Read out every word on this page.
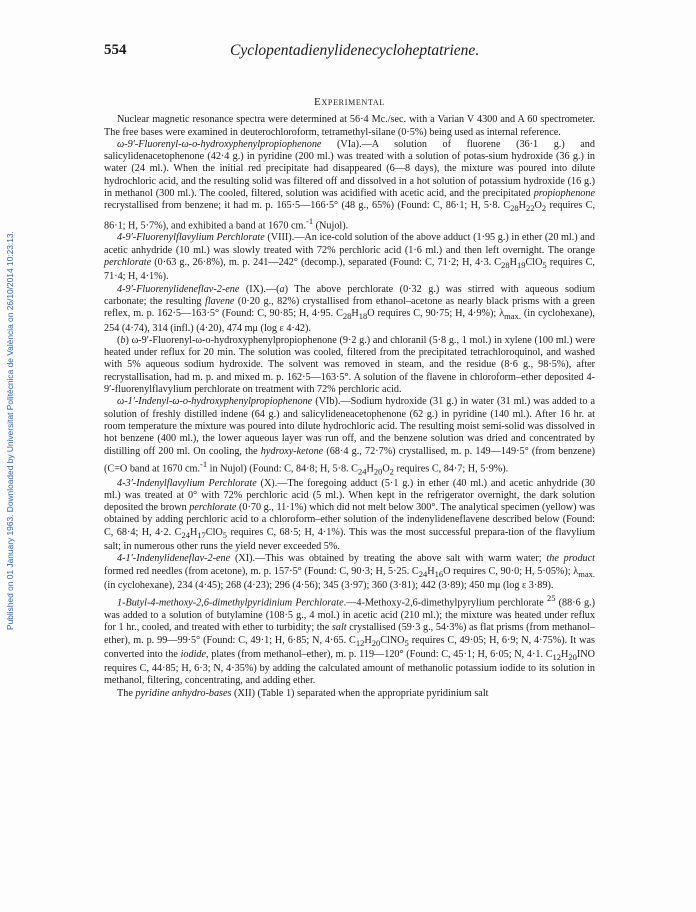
Published on 01 January 1963. Downloaded by Universitat Politècnica de València on 26/10/2014 10:23:13.
554	Cyclopentadienylidenecycloheptatriene.
Experimental

Nuclear magnetic resonance spectra were determined at 56·4 Mc./sec. with a Varian V 4300 and A 60 spectrometer. The free bases were examined in deuterochloroform, tetramethyl-silane (0·5%) being used as internal reference.

ω-9′-Fluorenyl-ω-o-hydroxyphenylpropiophenone (VIa).—A solution of fluorene (36·1 g.) and salicylidenacetophenone (42·4 g.) in pyridine (200 ml.) was treated with a solution of potas-sium hydroxide (36 g.) in water (24 ml.). When the initial red precipitate had disappeared (6—8 days), the mixture was poured into dilute hydrochloric acid, and the resulting solid was filtered off and dissolved in a hot solution of potassium hydroxide (16 g.) in methanol (300 ml.). The cooled, filtered, solution was acidified with acetic acid, and the precipitated propiophenone recrystallised from benzene; it had m. p. 165·5—166·5° (48 g., 65%) (Found: C, 86·1; H, 5·8. $C_{28}H_{22}O_2$ requires C, 86·1; H, 5·7%), and exhibited a band at 1670 cm.$^{-1}$ (Nujol).

4-9′-Fluorenylflavylium Perchlorate (VIII).—An ice-cold solution of the above adduct (1·95 g.) in ether (20 ml.) and acetic anhydride (10 ml.) was slowly treated with 72% perchloric acid (1·6 ml.) and then left overnight. The orange perchlorate (0·63 g., 26·8%), m. p. 241—242° (decomp.), separated (Found: C, 71·2; H, 4·3. $C_{28}H_{19}ClO_5$ requires C, 71·4; H, 4·1%).

4-9′-Fluorenylideneflav-2-ene (IX).—(a) The above perchlorate (0·32 g.) was stirred with aqueous sodium carbonate; the resulting flavene (0·20 g., 82%) crystallised from ethanol–acetone as nearly black prisms with a green reflex, m. p. 162·5—163·5° (Found: C, 90·85; H, 4·95. $C_{28}H_{18}O$ requires C, 90·75; H, 4·9%); $\lambda_{max.}$ (in cyclohexane), 254 (4·74), 314 (infl.) (4·20), 474 mμ (log ε 4·42).

(b) ω-9′-Fluorenyl-ω-o-hydroxyphenylpropiophenone (9·2 g.) and chloranil (5·8 g., 1 mol.) in xylene (100 ml.) were heated under reflux for 20 min. The solution was cooled, filtered from the precipitated tetrachloroquinol, and washed with 5% aqueous sodium hydroxide. The solvent was removed in steam, and the residue (8·6 g., 98·5%), after recrystallisation, had m. p. and mixed m. p. 162·5—163·5°. A solution of the flavene in chloroform–ether deposited 4-9′-fluorenylflavylium perchlorate on treatment with 72% perchloric acid.

ω-1′-Indenyl-ω-o-hydroxyphenylpropiophenone (VIb).—Sodium hydroxide (31 g.) in water (31 ml.) was added to a solution of freshly distilled indene (64 g.) and salicylideneacetophenone (62 g.) in pyridine (140 ml.). After 16 hr. at room temperature the mixture was poured into dilute hydrochloric acid. The resulting moist semi-solid was dissolved in hot benzene (400 ml.), the lower aqueous layer was run off, and the benzene solution was dried and concentrated by distilling off 200 ml. On cooling, the hydroxy-ketone (68·4 g., 72·7%) crystallised, m. p. 149—149·5° (from benzene) (C=O band at 1670 cm.$^{-1}$ in Nujol) (Found: C, 84·8; H, 5·8. $C_{24}H_{20}O_2$ requires C, 84·7; H, 5·9%).

4-3′-Indenylflavylium Perchlorate (X).—The foregoing adduct (5·1 g.) in ether (40 ml.) and acetic anhydride (30 ml.) was treated at 0° with 72% perchloric acid (5 ml.). When kept in the refrigerator overnight, the dark solution deposited the brown perchlorate (0·70 g., 11·1%) which did not melt below 300°. The analytical specimen (yellow) was obtained by adding perchloric acid to a chloroform–ether solution of the indenylideneflavene described below (Found: C, 68·4; H, 4·2. $C_{24}H_{17}ClO_5$ requires C, 68·5; H, 4·1%). This was the most successful prepara-tion of the flavylium salt; in numerous other runs the yield never exceeded 5%.

4-1′-Indenylideneflav-2-ene (XI).—This was obtained by treating the above salt with warm water; the product formed red needles (from acetone), m. p. 157·5° (Found: C, 90·3; H, 5·25. $C_{24}H_{16}O$ requires C, 90·0; H, 5·05%); $\lambda_{max.}$ (in cyclohexane), 234 (4·45); 268 (4·23); 296 (4·56); 345 (3·97); 360 (3·81); 442 (3·89); 450 mμ (log ε 3·89).

1-Butyl-4-methoxy-2,6-dimethylpyridinium Perchlorate.—4-Methoxy-2,6-dimethylpyrylium perchlorate $^{25}$ (88·6 g.) was added to a solution of butylamine (108·5 g., 4 mol.) in acetic acid (210 ml.); the mixture was heated under reflux for 1 hr., cooled, and treated with ether to turbidity; the salt crystallised (59·3 g., 54·3%) as flat prisms (from methanol–ether), m. p. 99—99·5° (Found: C, 49·1; H, 6·85; N, 4·65. $C_{12}H_{20}ClNO_5$ requires C, 49·05; H, 6·9; N, 4·75%). It was converted into the iodide, plates (from methanol–ether), m. p. 119—120° (Found: C, 45·1; H, 6·05; N, 4·1. $C_{12}H_{20}INO$ requires C, 44·85; H, 6·3; N, 4·35%) by adding the calculated amount of methanolic potassium iodide to its solution in methanol, filtering, concentrating, and adding ether.

The pyridine anhydro-bases (XII) (Table 1) separated when the appropriate pyridinium salt
